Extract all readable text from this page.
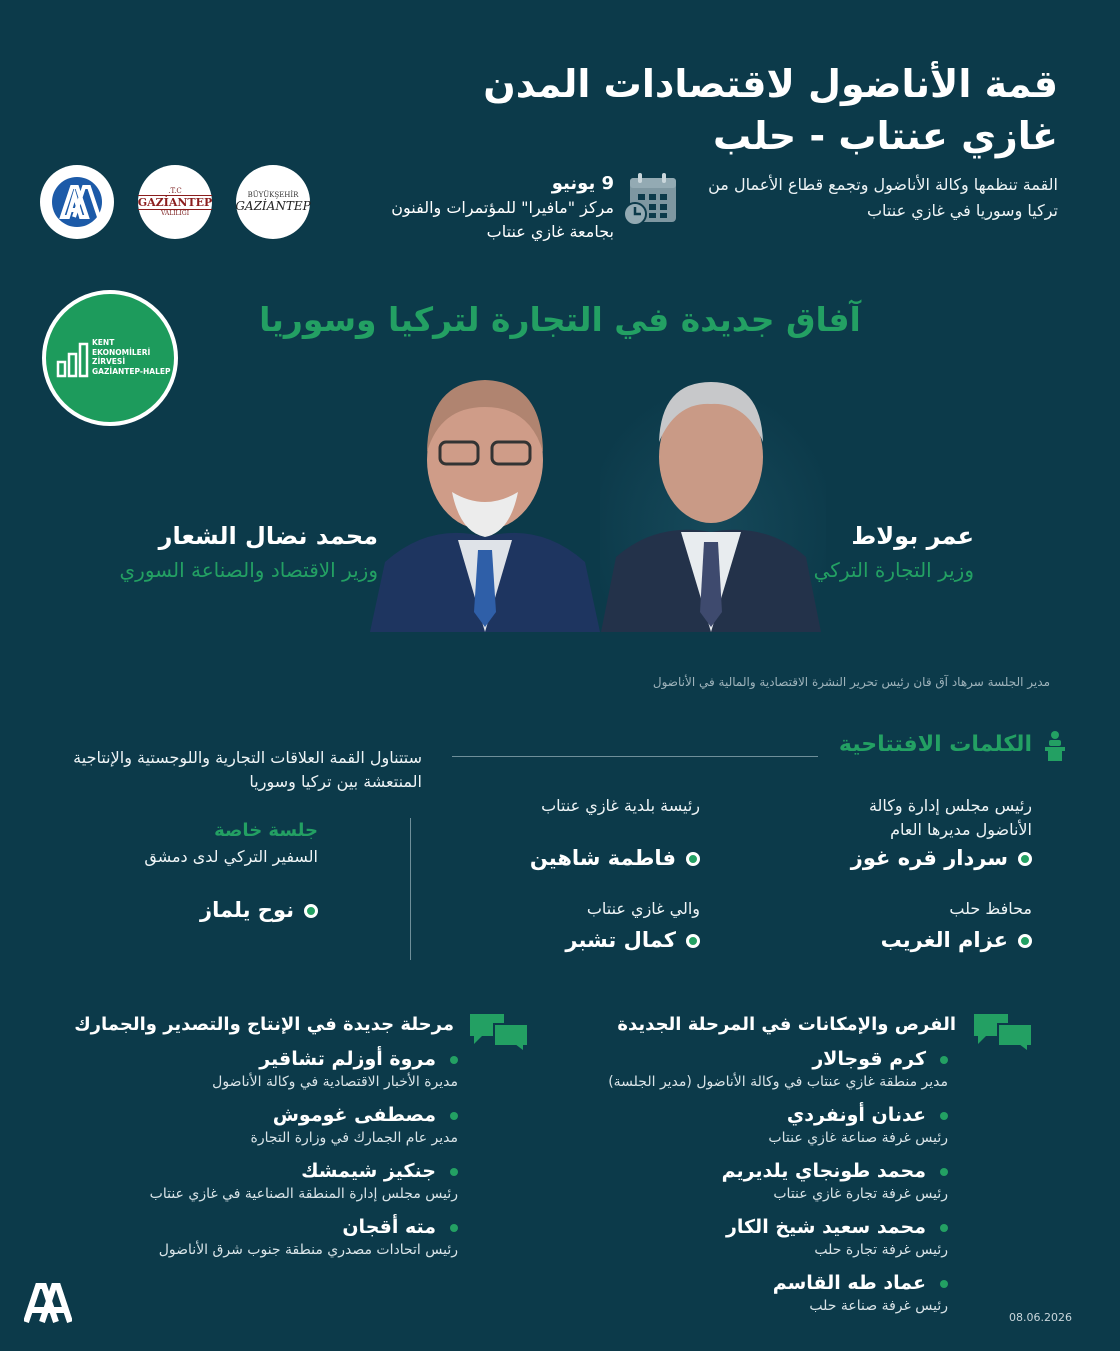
قمة الأناضول لاقتصادات المدن
غازي عنتاب - حلب
القمة تنظمها وكالة الأناضول وتجمع قطاع الأعمال من تركيا وسوريا في غازي عنتاب
9 يونيو
مركز "مافيرا" للمؤتمرات والفنون بجامعة غازي عنتاب
BÜYÜKŞEHİR
GAZİANTEP
T.C.
GAZİANTEP
VALİLİĞİ
KENT
EKONOMİLERİ
ZİRVESİ
GAZİANTEP-HALEP
آفاق جديدة في التجارة لتركيا وسوريا
عمر بولاط
وزير التجارة التركي
محمد نضال الشعار
وزير الاقتصاد والصناعة السوري
مدير الجلسة سرهاد آق قان رئيس تحرير النشرة الاقتصادية والمالية في الأناضول
الكلمات الافتتاحية
رئيس مجلس إدارة وكالة الأناضول مديرها العام
سردار قره غوز
رئيسة بلدية غازي عنتاب
فاطمة شاهين
محافظ حلب
عزام الغريب
والي غازي عنتاب
كمال تشبر
ستتناول القمة العلاقات التجارية واللوجستية والإنتاجية المنتعشة بين تركيا وسوريا
جلسة خاصة
السفير التركي لدى دمشق
نوح يلماز
الفرص والإمكانات في المرحلة الجديدة
كرم قوجالار
مدير منطقة غازي عنتاب في وكالة الأناضول (مدير الجلسة)
عدنان أونفردي
رئيس غرفة صناعة غازي عنتاب
محمد طونجاي يلديريم
رئيس غرفة تجارة غازي عنتاب
محمد سعيد شيخ الكار
رئيس غرفة تجارة حلب
عماد طه القاسم
رئيس غرفة صناعة حلب
مرحلة جديدة في الإنتاج والتصدير والجمارك
مروة أوزلم تشاقير
مديرة الأخبار الاقتصادية في وكالة الأناضول
مصطفى غوموش
مدير عام الجمارك في وزارة التجارة
جنكيز شيمشك
رئيس مجلس إدارة المنطقة الصناعية في غازي عنتاب
مته أقجان
رئيس اتحادات مصدري منطقة جنوب شرق الأناضول
08.06.2026
